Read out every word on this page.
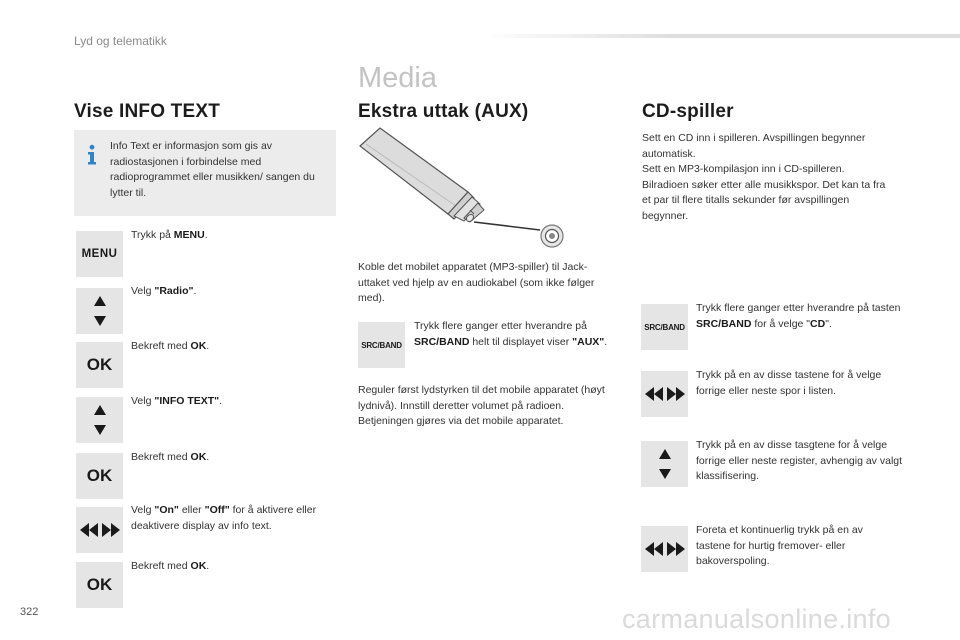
Lyd og telematikk
Media
Vise INFO TEXT
Info Text er informasjon som gis av radiostasjonen i forbindelse med radioprogrammet eller musikken/ sangen du lytter til.
MENU
Trykk på MENU.
Velg "Radio".
OK
Bekreft med OK.
Velg "INFO TEXT".
OK
Bekreft med OK.
Velg "On" eller "Off" for å aktivere eller deaktivere display av info text.
OK
Bekreft med OK.
Ekstra uttak (AUX)
Koble det mobilet apparatet (MP3-spiller) til Jack-uttaket ved hjelp av en audiokabel (som ikke følger med).
SRC/BAND
Trykk flere ganger etter hverandre på SRC/BAND helt til displayet viser "AUX".
Reguler først lydstyrken til det mobile apparatet (høyt lydnivå). Innstill deretter volumet på radioen. Betjeningen gjøres via det mobile apparatet.
CD-spiller
Sett en CD inn i spilleren. Avspillingen begynner automatisk.
Sett en MP3-kompilasjon inn i CD-spilleren. Bilradioen søker etter alle musikkspor. Det kan ta fra et par til flere titalls sekunder før avspillingen begynner.
SRC/BAND
Trykk flere ganger etter hverandre på tasten SRC/BAND for å velge "CD".
Trykk på en av disse tastene for å velge forrige eller neste spor i listen.
Trykk på en av disse tasgtene for å velge forrige eller neste register, avhengig av valgt klassifisering.
Foreta et kontinuerlig trykk på en av tastene for hurtig fremover- eller bakoverspoling.
322	carmanualsonline.info
